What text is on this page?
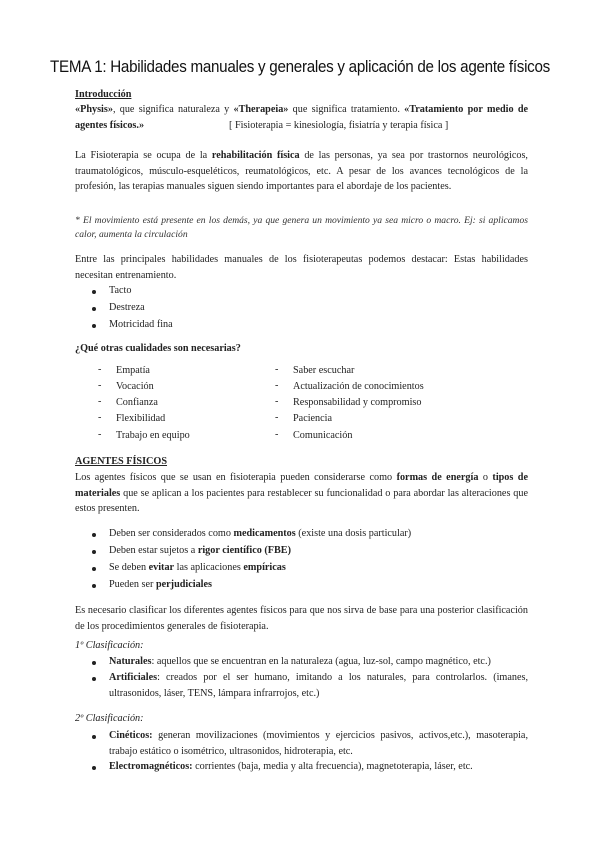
TEMA 1: Habilidades manuales y generales y aplicación de los agente físicos
Introducción
«Physis», que significa naturaleza y «Therapeia» que significa tratamiento. «Tratamiento por medio de agentes físicos.»	[ Fisioterapia = kinesiología, fisiatría y terapia física ]
La Fisioterapia se ocupa de la rehabilitación física de las personas, ya sea por trastornos neurológicos, traumatológicos, músculo-esqueléticos, reumatológicos, etc. A pesar de los avances tecnológicos de la profesión, las terapias manuales siguen siendo importantes para el abordaje de los pacientes.
* El movimiento está presente en los demás, ya que genera un movimiento ya sea micro o macro. Ej: si aplicamos calor, aumenta la circulación
Entre las principales habilidades manuales de los fisioterapeutas podemos destacar: Estas habilidades necesitan entrenamiento.
Tacto
Destreza
Motricidad fina
¿Qué otras cualidades son necesarias?
- Empatía
- Vocación
- Confianza
- Flexibilidad
- Trabajo en equipo
- Saber escuchar
- Actualización de conocimientos
- Responsabilidad y compromiso
- Paciencia
- Comunicación
AGENTES FÍSICOS
Los agentes físicos que se usan en fisioterapia pueden considerarse como formas de energía o tipos de materiales que se aplican a los pacientes para restablecer su funcionalidad o para abordar las alteraciones que estos presenten.
Deben ser considerados como medicamentos (existe una dosis particular)
Deben estar sujetos a rigor científico (FBE)
Se deben evitar las aplicaciones empíricas
Pueden ser perjudiciales
Es necesario clasificar los diferentes agentes físicos para que nos sirva de base para una posterior clasificación de los procedimientos generales de fisioterapia.
1º Clasificación:
Naturales: aquellos que se encuentran en la naturaleza (agua, luz-sol, campo magnético, etc.)
Artificiales: creados por el ser humano, imitando a los naturales, para controlarlos. (imanes, ultrasonidos, láser, TENS, lámpara infrarrojos, etc.)
2º Clasificación:
Cinéticos: generan movilizaciones (movimientos y ejercicios pasivos, activos,etc.), masoterapia, trabajo estático o isométrico, ultrasonidos, hidroterapia, etc.
Electromagnéticos: corrientes (baja, media y alta frecuencia), magnetoterapia, láser, etc.
